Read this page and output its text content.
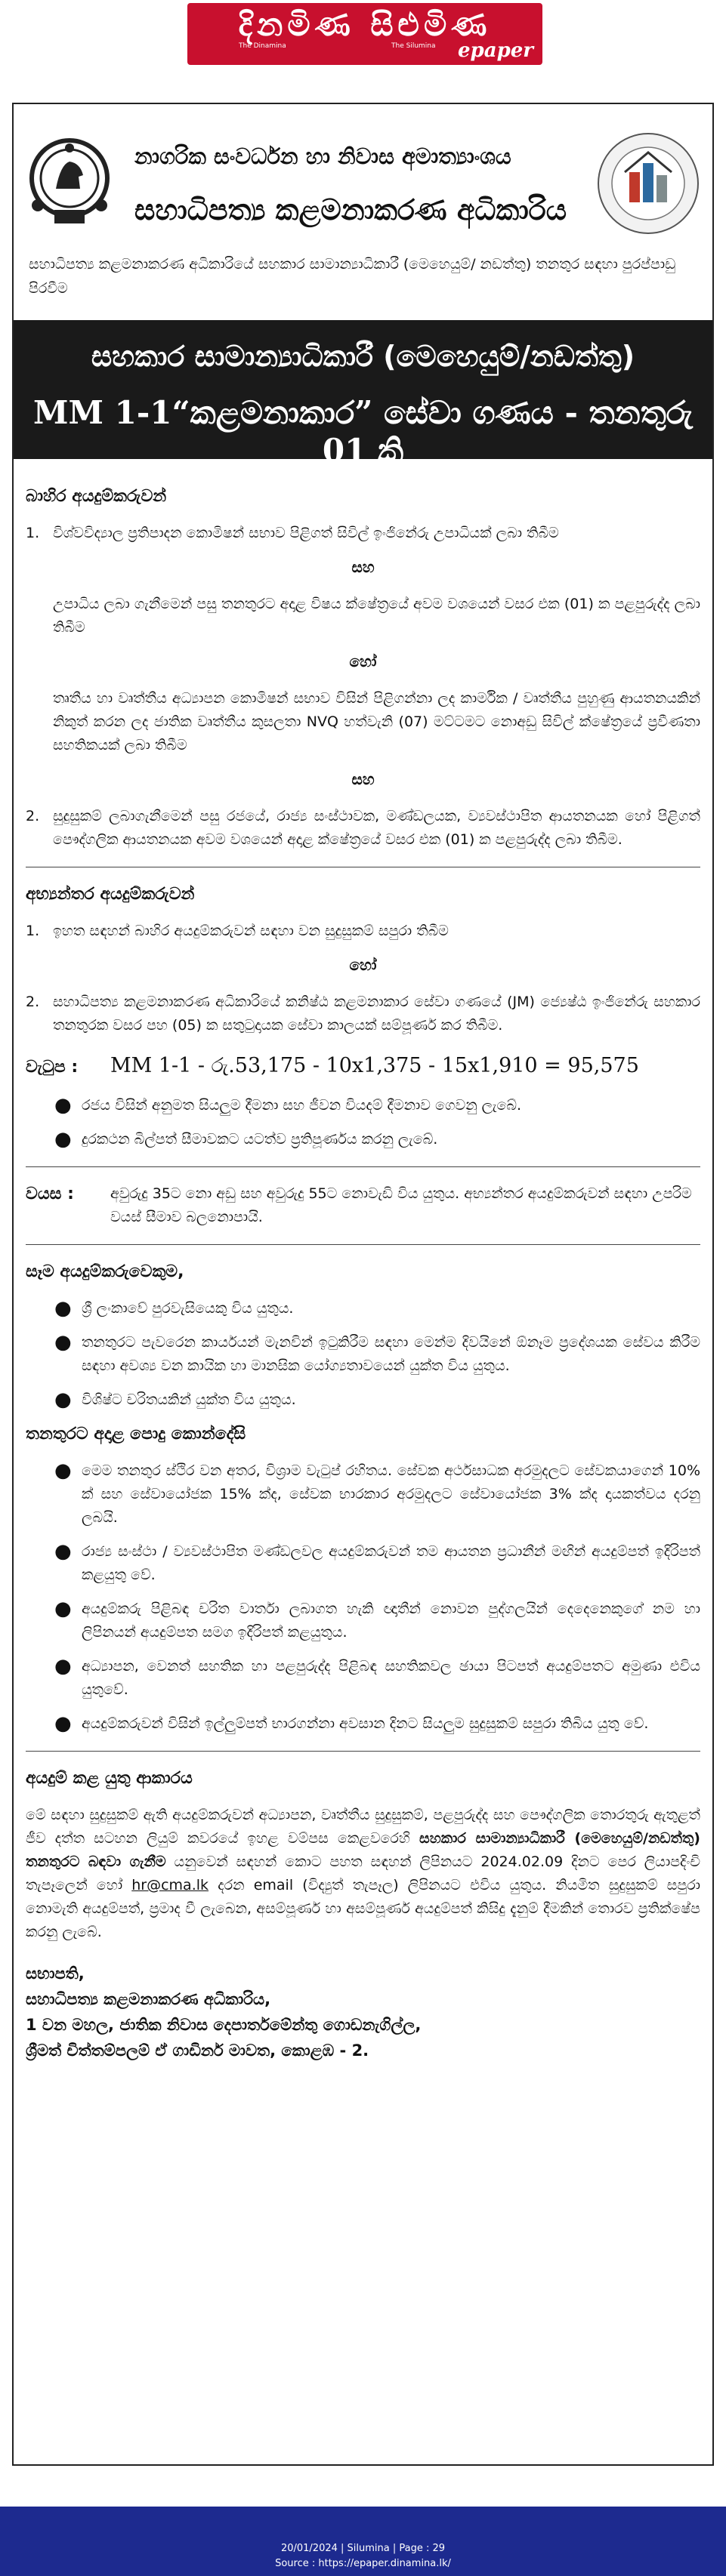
දිනමිණ සිළුමිණ
The Dinamina	The Silumina epaper
නාගරික සංවර්ධන හා නිවාස අමාත්‍යාංශය
සහාධිපත්‍ය කළමනාකරණ අධිකාරිය
සහාධිපත්‍ය කළමනාකරණ අධිකාරියේ සහකාර සාමාන්‍යාධිකාරී (මෙහෙයුම්/ නඩත්තු) තනතුර සඳහා පුරප්පාඩු පිරවීම
සහකාර සාමාන්‍යාධිකාරී (මෙහෙයුම්/නඩත්තු)
MM 1-1“කළමනාකාර” සේවා ගණය - තනතුරු 01 කි
බාහිර අයදුම්කරුවන්
1. විශ්වවිද්‍යාල ප්‍රතිපාදන කොමිෂන් සභාව පිළිගත් සිවිල් ඉංජිනේරු උපාධියක් ලබා තිබීම
සහ
උපාධිය ලබා ගැනීමෙන් පසු තනතුරට අදාළ විෂය ක්ෂේත්‍රයේ අවම වශයෙන් වසර එක (01) ක පළපුරුද්ද ලබා තිබීම
හෝ
තෘතීය හා වෘත්තීය අධ්‍යාපන කොමිෂන් සභාව විසින් පිළිගන්නා ලද කාර්මික / වෘත්තීය පුහුණු ආයතනයකින් නිකුත් කරන ලද ජාතික වෘත්තීය කුසලතා NVQ හත්වැනි (07) මට්ටමට නොඅඩු සිවිල් ක්ෂේත්‍රයේ ප්‍රවීණතා සහතිකයක් ලබා තිබීම
සහ
2. සුදුසුකම් ලබාගැනීමෙන් පසු රජයේ, රාජ්‍ය සංස්ථාවක, මණ්ඩලයක, ව්‍යවස්ථාපිත ආයතනයක හෝ පිළිගත් පෞද්ගලික ආයතනයක අවම වශයෙන් අදාළ ක්ෂේත්‍රයේ වසර එක (01) ක පළපුරුද්ද ලබා තිබීම.
අභ්‍යන්තර අයදුම්කරුවන්
1. ඉහත සඳහන් බාහිර අයදුම්කරුවන් සඳහා වන සුදුසුකම් සපුරා තිබීම
හෝ
2. සහාධිපත්‍ය කළමනාකරණ අධිකාරියේ කනිෂ්ඨ කළමනාකාර සේවා ගණයේ (JM) ජ්‍යෙෂ්ඨ ඉංජිනේරු සහකාර තනතුරක වසර පහ (05) ක සතුටුදායක සේවා කාලයක් සම්පූර්ණ කර තිබීම.
වැටුප :	MM 1-1 - රු.53,175 - 10x1,375 - 15x1,910 = 95,575
● රජය විසින් අනුමත සියලුම දීමනා සහ ජීවන වියදම් දීමනාව ගෙවනු ලැබේ.
● දුරකථන බිල්පත් සීමාවකට යටත්ව ප්‍රතිපූර්ණය කරනු ලැබේ.
වයස :	අවුරුදු 35ට නො අඩු සහ අවුරුදු 55ට නොවැඩි විය යුතුය. අභ්‍යන්තර අයදුම්කරුවන් සඳහා උපරිම වයස් සීමාව බලනොපායි.
සෑම අයදුම්කරුවෙකුම,
● ශ්‍රී ලංකාවේ පුරවැසියෙකු විය යුතුය.
● තනතුරට පැවරෙන කාර්යයන් මැනවින් ඉටුකිරීම සඳහා මෙන්ම දිවයිනේ ඕනෑම ප්‍රදේශයක සේවය කිරීම සඳහා අවශ්‍ය වන කායික හා මානසික යෝග්‍යතාවයෙන් යුක්ත විය යුතුය.
● විශිෂ්ට චරිතයකින් යුක්ත විය යුතුය.
තනතුරට අදාළ පොදු කොන්දේසි
● මෙම තනතුර ස්ථිර වන අතර, විශ්‍රාම වැටුප් රහිතය. සේවක අර්ථසාධක අරමුදලට සේවකයාගෙන් 10% ක් සහ සේවායෝජක 15% ක්ද, සේවක භාරකාර අරමුදලට සේවායෝජක 3% ක්ද දායකත්වය දරනු ලබයි.
● රාජ්‍ය සංස්ථා / ව්‍යවස්ථාපිත මණ්ඩලවල අයදුම්කරුවන් තම ආයතන ප්‍රධානීන් මඟින් අයදුම්පත් ඉදිරිපත් කළයුතු වේ.
● අයදුම්කරු පිළිබඳ චරිත වාර්තා ලබාගත හැකි ඥාතීන් නොවන පුද්ගලයින් දෙදෙනෙකුගේ නම හා ලිපිනයන් අයදුම්පත සමග ඉදිරිපත් කළයුතුය.
● අධ්‍යාපන, වෙනත් සහතික හා පළපුරුද්ද පිළිබඳ සහතිකවල ඡායා පිටපත් අයදුම්පතට අමුණා එවිය යුතුවේ.
● අයදුම්කරුවන් විසින් ඉල්ලුම්පත් භාරගන්නා අවසාන දිනට සියලුම සුදුසුකම් සපුරා තිබිය යුතු වේ.
අයදුම් කළ යුතු ආකාරය
මේ සඳහා සුදුසුකම් ඇති අයදුම්කරුවන් අධ්‍යාපන, වෘත්තීය සුදුසුකම්, පළපුරුද්ද සහ පෞද්ගලික තොරතුරු ඇතුළත් ජීව දත්ත සටහන ලියුම් කවරයේ ඉහළ වම්පස කෙළවරෙහි සහකාර සාමාන්‍යාධිකාරී (මෙහෙයුම්/නඩත්තු) තනතුරට බඳවා ගැනීම යනුවෙන් සඳහන් කොට පහත සඳහන් ලිපිනයට 2024.02.09 දිනට පෙර ලියාපදිංචි තැපෑලෙන් හෝ hr@cma.lk දරන email (විද්‍යුත් තැපෑල) ලිපිනයට එවිය යුතුය. නියමිත සුදුසුකම් සපුරා නොමැති අයදුම්පත්, ප්‍රමාද වී ලැබෙන, අසම්පූර්ණ හා අසම්පූර්ණ අයදුම්පත් කිසිදු දැනුම් දීමකින් තොරව ප්‍රතික්ෂේප කරනු ලැබේ.
සභාපති,
සහාධිපත්‍ය කළමනාකරණ අධිකාරිය,
1 වන මහල, ජාතික නිවාස දෙපාර්තමේන්තු ගොඩනැගිල්ල,
ශ්‍රීමත් චිත්තම්පලම් ඒ ගාඩිනර් මාවත, කොළඹ - 2.
20/01/2024 | Silumina | Page : 29
Source : https://epaper.dinamina.lk/
